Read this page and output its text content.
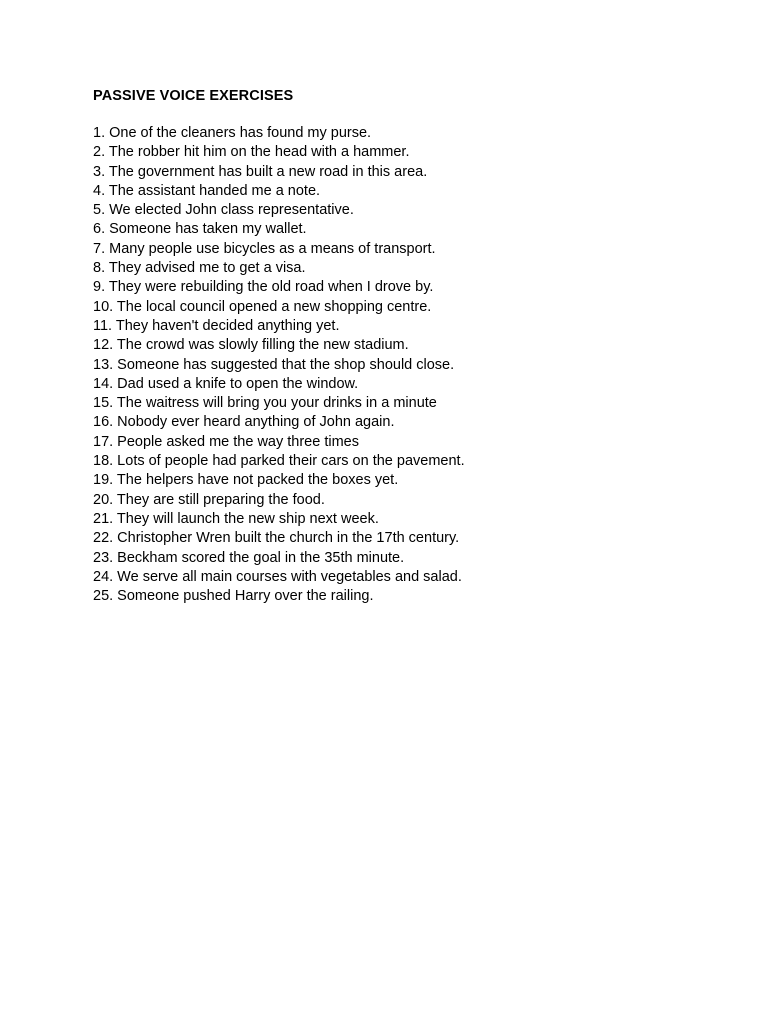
PASSIVE VOICE EXERCISES
1. One of the cleaners has found my purse.
2. The robber hit him on the head with a hammer.
3. The government has built a new road in this area.
4. The assistant handed me a note.
5. We elected John class representative.
6. Someone has taken my wallet.
7. Many people use bicycles as a means of transport.
8. They advised me to get a visa.
9. They were rebuilding the old road when I drove by.
10. The local council opened a new shopping centre.
11. They haven't decided anything yet.
12. The crowd was slowly filling the new stadium.
13. Someone has suggested that the shop should close.
14. Dad used a knife to open the window.
15. The waitress will bring you your drinks in a minute
16. Nobody ever heard anything of John again.
17. People asked me the way three times
18. Lots of people had parked their cars on the pavement.
19. The helpers have not packed the boxes yet.
20. They are still preparing the food.
21. They will launch the new ship next week.
22. Christopher Wren built the church in the 17th century.
23. Beckham scored the goal in the 35th minute.
24. We serve all main courses with vegetables and salad.
25. Someone pushed Harry over the railing.
